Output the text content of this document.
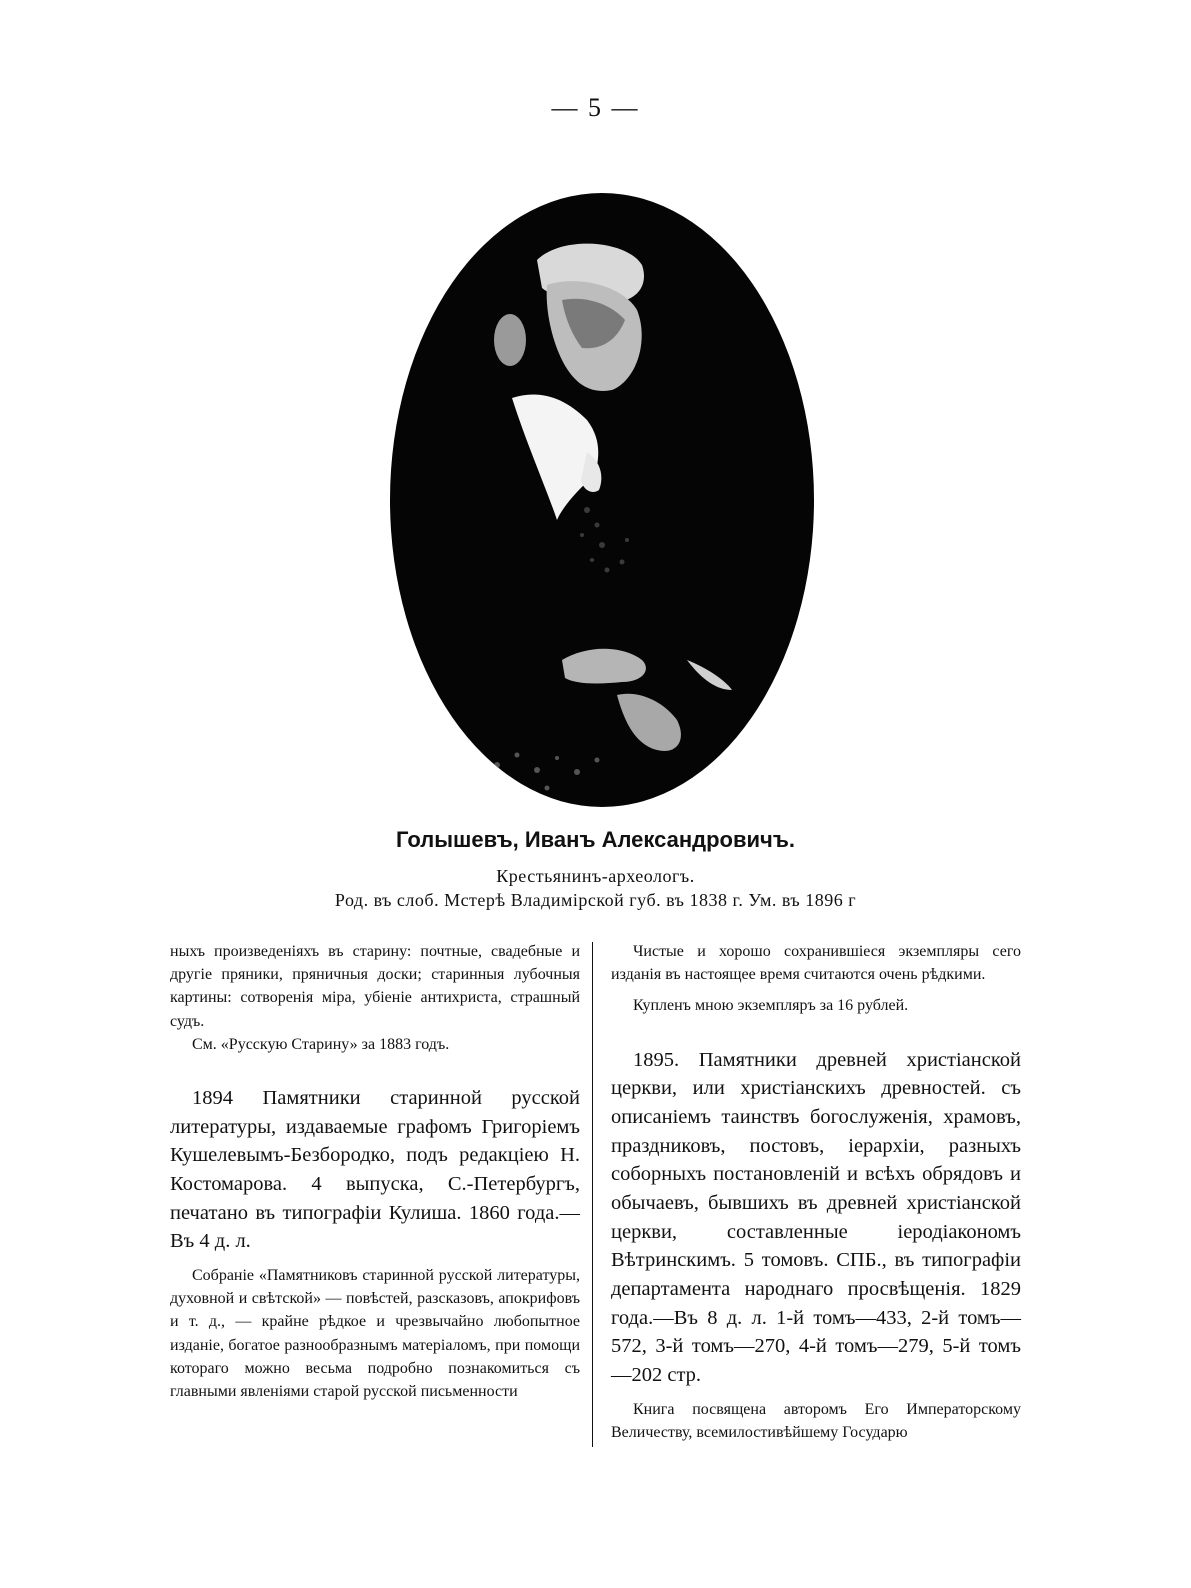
— 5 —
Голышевъ, Иванъ Александровичъ.
Крестьянинъ-археологъ.
Род. въ слоб. Мстерѣ Владимірской губ. въ 1838 г. Ум. въ 1896 г

ныхъ произведеніяхъ въ старину: почтные, свадебные и другіе пряники, пряничныя доски; старинныя лубочныя картины: сотворенія міра, убіеніе антихриста, страшный судъ.

См. «Русскую Старину» за 1883 годъ.

1894 Памятники старинной русской литературы, издаваемые графомъ Григоріемъ Кушелевымъ-Безбородко, подъ редакціею Н. Костомарова. 4 выпуска, С.-Петербургъ, печатано въ типографіи Кулиша. 1860 года.—Въ 4 д. л.

Собраніе «Памятниковъ старинной русской литературы, духовной и свѣтской» — повѣстей, разсказовъ, апокрифовъ и т. д., — крайне рѣдкое и чрезвычайно любопытное изданіе, богатое разнообразнымъ матеріаломъ, при помощи котораго можно весьма подробно познакомиться съ главными явленіями старой русской письменности

Чистые и хорошо сохранившіеся экземпляры сего изданія въ настоящее время считаются очень рѣдкими.

Купленъ мною экземпляръ за 16 рублей.

1895. Памятники древней христіанской церкви, или христіанскихъ древностей. съ описаніемъ таинствъ богослуженія, храмовъ, праздниковъ, постовъ, іерархіи, разныхъ соборныхъ постановленій и всѣхъ обрядовъ и обычаевъ, бывшихъ въ древней христіанской церкви, составленные іеродіакономъ Вѣтринскимъ. 5 томовъ. СПБ., въ типографіи департамента народнаго просвѣщенія. 1829 года.—Въ 8 д. л. 1-й томъ—433, 2-й томъ—572, 3-й томъ—270, 4-й томъ—279, 5-й томъ—202 стр.

Книга посвящена авторомъ Его Императорскому Величеству, всемилостивѣйшему Государю
